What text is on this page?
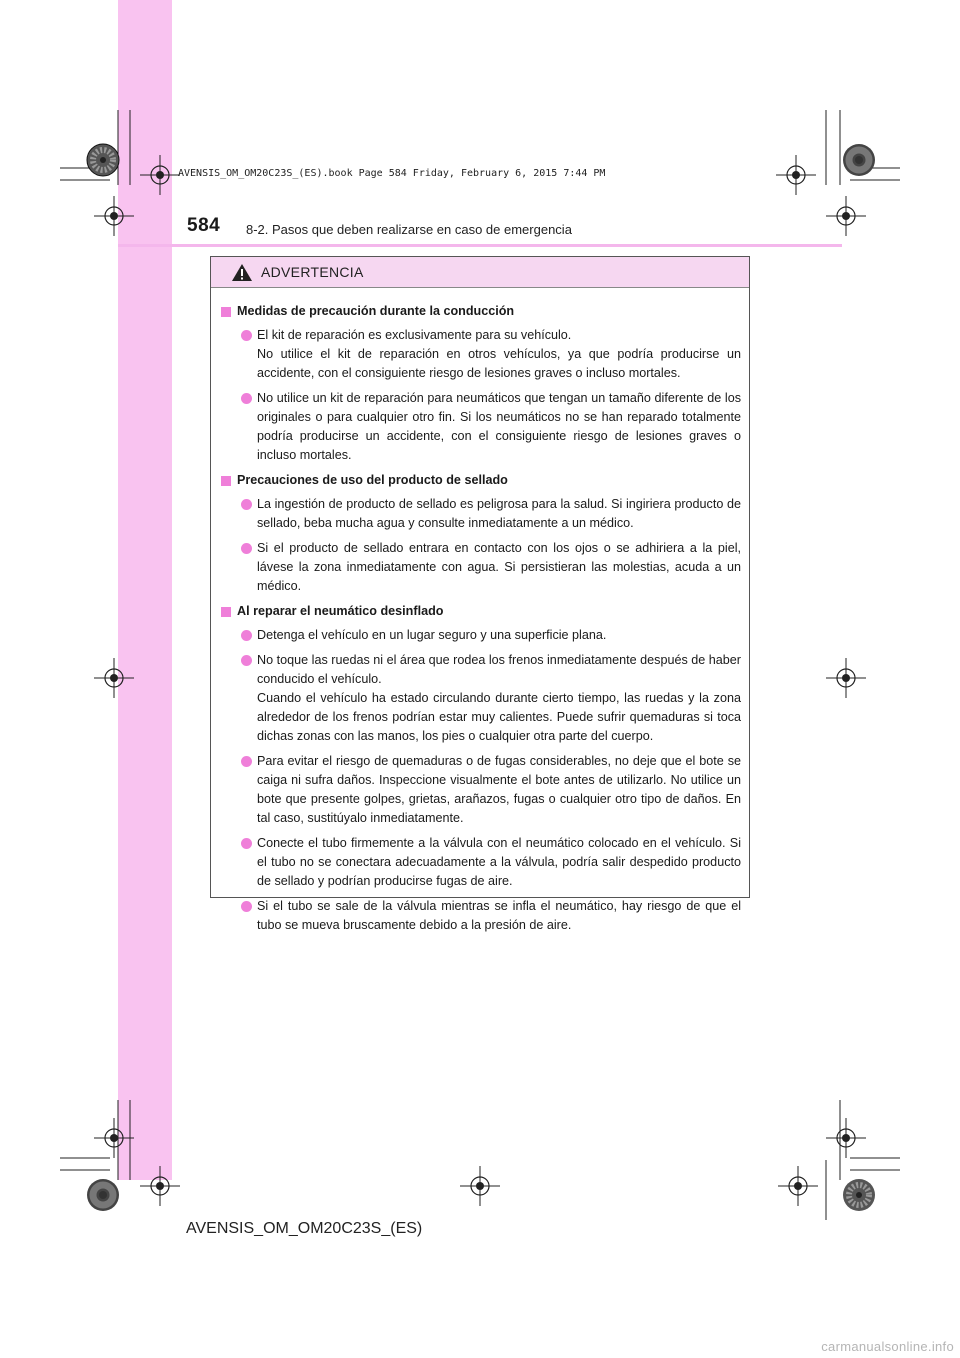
AVENSIS_OM_OM20C23S_(ES).book Page 584 Friday, February 6, 2015 7:44 PM
584 8-2. Pasos que deben realizarse en caso de emergencia
ADVERTENCIA
Medidas de precaución durante la conducción

El kit de reparación es exclusivamente para su vehículo.

No utilice el kit de reparación en otros vehículos, ya que podría producirse un accidente, con el consiguiente riesgo de lesiones graves o incluso mortales.

No utilice un kit de reparación para neumáticos que tengan un tamaño diferente de los originales o para cualquier otro fin. Si los neumáticos no se han reparado totalmente podría producirse un accidente, con el consiguiente riesgo de lesiones graves o incluso mortales.

Precauciones de uso del producto de sellado

La ingestión de producto de sellado es peligrosa para la salud. Si ingiriera producto de sellado, beba mucha agua y consulte inmediatamente a un médico.

Si el producto de sellado entrara en contacto con los ojos o se adhiriera a la piel, lávese la zona inmediatamente con agua. Si persistieran las molestias, acuda a un médico.

Al reparar el neumático desinflado

Detenga el vehículo en un lugar seguro y una superficie plana.

No toque las ruedas ni el área que rodea los frenos inmediatamente después de haber conducido el vehículo.

Cuando el vehículo ha estado circulando durante cierto tiempo, las ruedas y la zona alrededor de los frenos podrían estar muy calientes. Puede sufrir quemaduras si toca dichas zonas con las manos, los pies o cualquier otra parte del cuerpo.

Para evitar el riesgo de quemaduras o de fugas considerables, no deje que el bote se caiga ni sufra daños. Inspeccione visualmente el bote antes de utilizarlo. No utilice un bote que presente golpes, grietas, arañazos, fugas o cualquier otro tipo de daños. En tal caso, sustitúyalo inmediatamente.

Conecte el tubo firmemente a la válvula con el neumático colocado en el vehículo. Si el tubo no se conectara adecuadamente a la válvula, podría salir despedido producto de sellado y podrían producirse fugas de aire.

Si el tubo se sale de la válvula mientras se infla el neumático, hay riesgo de que el tubo se mueva bruscamente debido a la presión de aire.

AVENSIS_OM_OM20C23S_(ES)
carmanualsonline.info
